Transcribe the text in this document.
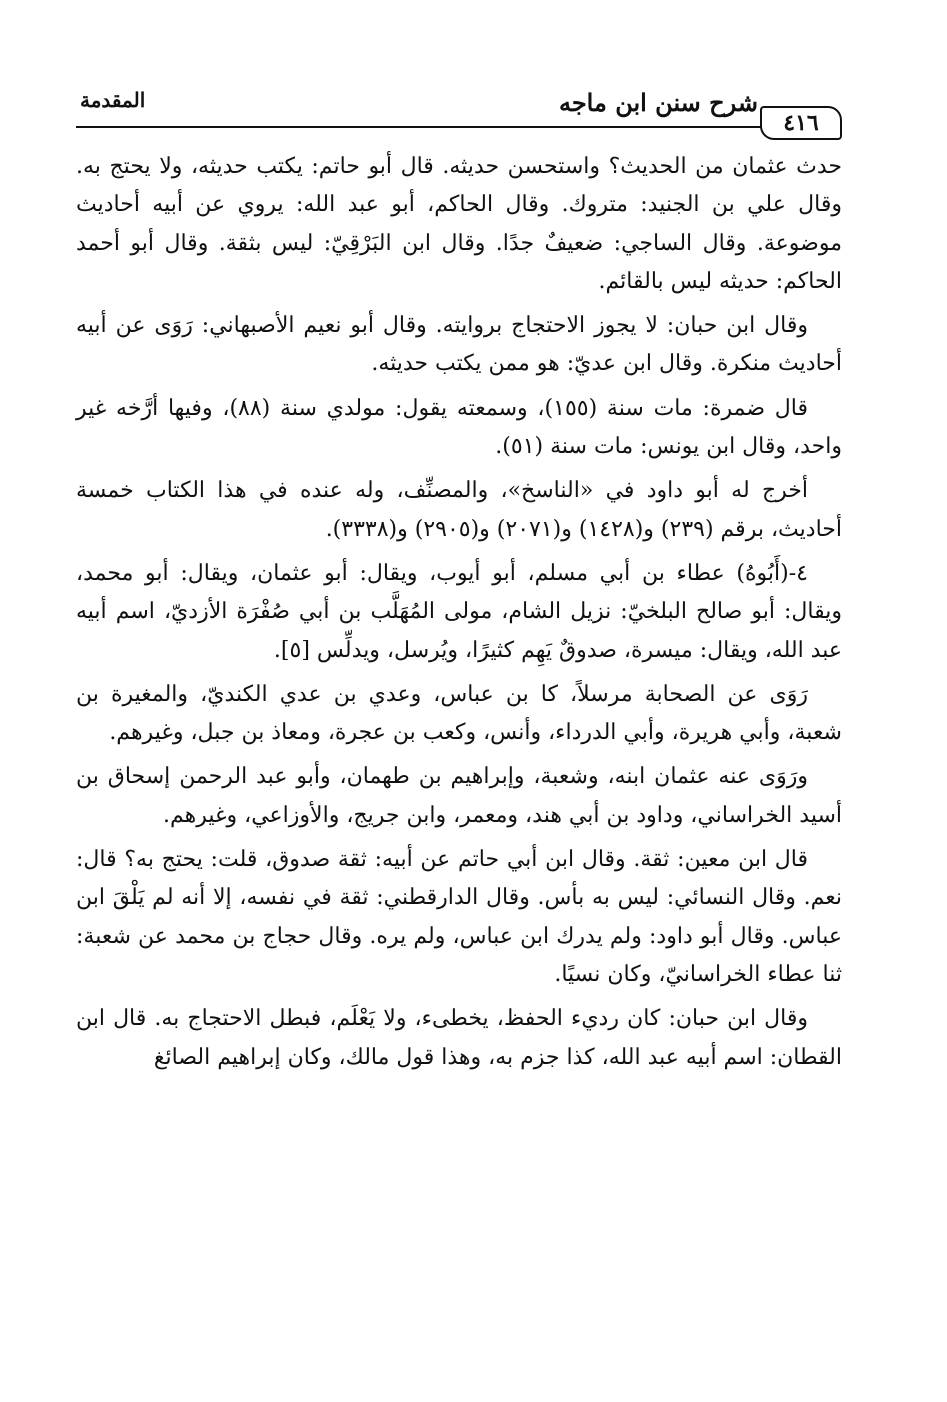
المقدمة	شرح سنن ابن ماجه
٤١٦

حدث عثمان من الحديث؟ واستحسن حديثه. قال أبو حاتم: يكتب حديثه، ولا يحتج به. وقال علي بن الجنيد: متروك. وقال الحاكم، أبو عبد الله: يروي عن أبيه أحاديث موضوعة. وقال الساجي: ضعيفٌ جدًا. وقال ابن البَرْقِيّ: ليس بثقة. وقال أبو أحمد الحاكم: حديثه ليس بالقائم.

وقال ابن حبان: لا يجوز الاحتجاج بروايته. وقال أبو نعيم الأصبهاني: رَوَى عن أبيه أحاديث منكرة. وقال ابن عديّ: هو ممن يكتب حديثه.

قال ضمرة: مات سنة (١٥٥)، وسمعته يقول: مولدي سنة (٨٨)، وفيها أرَّخه غير واحد، وقال ابن يونس: مات سنة (٥١).

أخرج له أبو داود في «الناسخ»، والمصنِّف، وله عنده في هذا الكتاب خمسة أحاديث، برقم (٢٣٩) و(١٤٢٨) و(٢٠٧١) و(٢٩٠٥) و(٣٣٣٨).

٤-(أَبُوهُ) عطاء بن أبي مسلم، أبو أيوب، ويقال: أبو عثمان، ويقال: أبو محمد، ويقال: أبو صالح البلخيّ: نزيل الشام، مولى المُهَلَّب بن أبي صُفْرَة الأزديّ، اسم أبيه عبد الله، ويقال: ميسرة، صدوقٌ يَهِم كثيرًا، ويُرسل، ويدلِّس [٥].

رَوَى عن الصحابة مرسلاً، كا بن عباس، وعدي بن عدي الكنديّ، والمغيرة بن شعبة، وأبي هريرة، وأبي الدرداء، وأنس، وكعب بن عجرة، ومعاذ بن جبل، وغيرهم.

ورَوَى عنه عثمان ابنه، وشعبة، وإبراهيم بن طهمان، وأبو عبد الرحمن إسحاق بن أسيد الخراساني، وداود بن أبي هند، ومعمر، وابن جريج، والأوزاعي، وغيرهم.

قال ابن معين: ثقة. وقال ابن أبي حاتم عن أبيه: ثقة صدوق، قلت: يحتج به؟ قال: نعم. وقال النسائي: ليس به بأس. وقال الدارقطني: ثقة في نفسه، إلا أنه لم يَلْقَ ابن عباس. وقال أبو داود: ولم يدرك ابن عباس، ولم يره. وقال حجاج بن محمد عن شعبة: ثنا عطاء الخراسانيّ، وكان نسيًا.

وقال ابن حبان: كان رديء الحفظ، يخطىء، ولا يَعْلَم، فبطل الاحتجاج به. قال ابن القطان: اسم أبيه عبد الله، كذا جزم به، وهذا قول مالك، وكان إبراهيم الصائغ
